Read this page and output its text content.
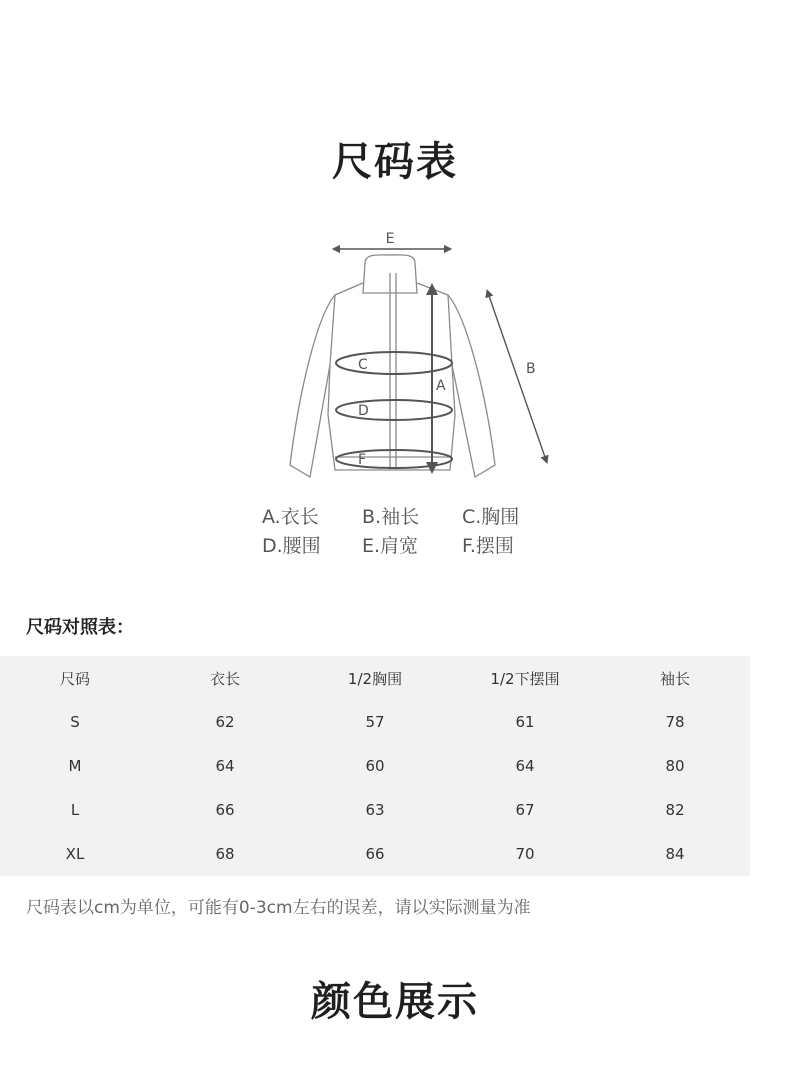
尺码表
E
A
B
C
D
F
A.衣长	B.袖长	C.胸围
D.腰围	E.肩宽	F.摆围
尺码对照表：
尺码	衣长	1/2胸围	1/2下摆围	袖长
S	62	57	61	78
M	64	60	64	80
L	66	63	67	82
XL	68	66	70	84
尺码表以cm为单位，可能有0-3cm左右的误差，请以实际测量为准
颜色展示
